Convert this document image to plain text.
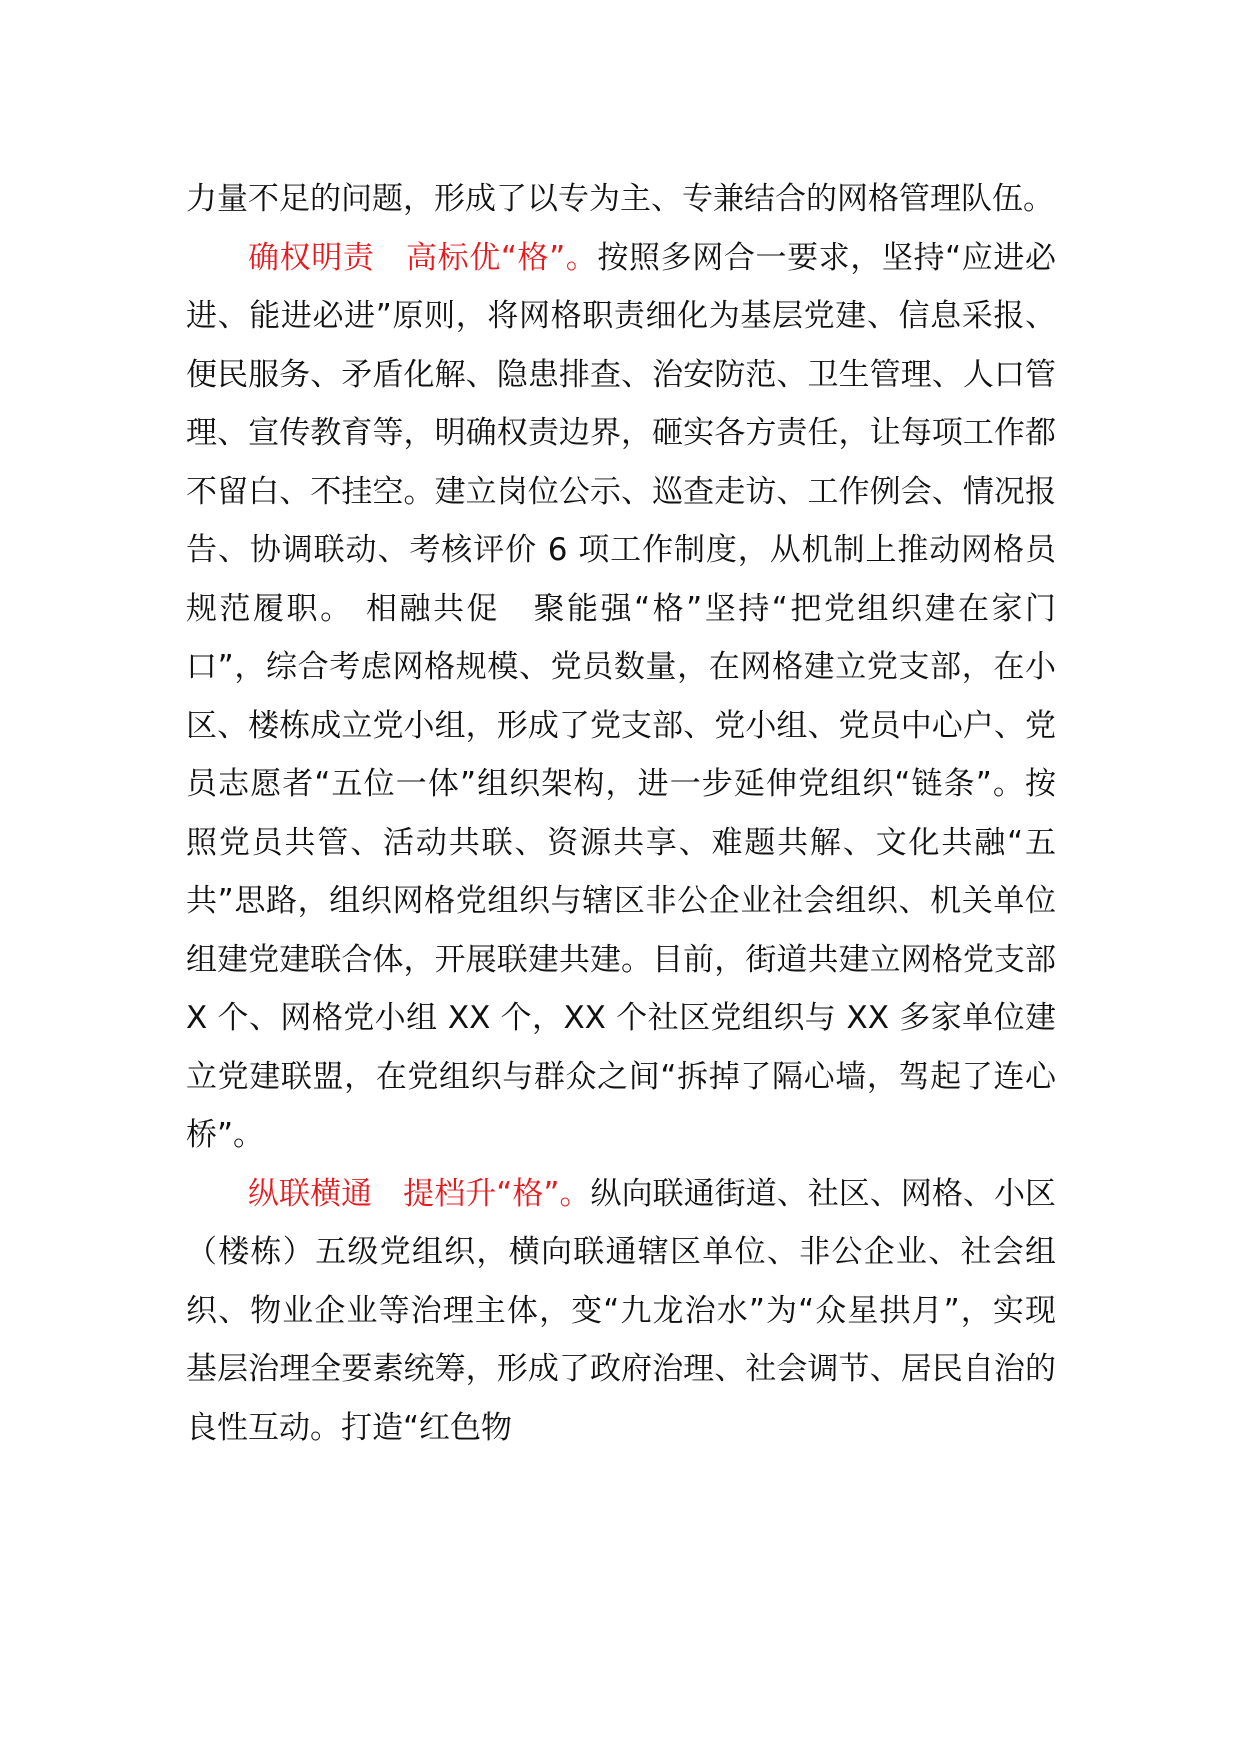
力量不足的问题，形成了以专为主、专兼结合的网格管理队伍。

确权明责　高标优“格”。按照多网合一要求，坚持“应进必进、能进必进”原则，将网格职责细化为基层党建、信息采报、便民服务、矛盾化解、隐患排查、治安防范、卫生管理、人口管理、宣传教育等，明确权责边界，砸实各方责任，让每项工作都不留白、不挂空。建立岗位公示、巡查走访、工作例会、情况报告、协调联动、考核评价 6 项工作制度，从机制上推动网格员规范履职。 相融共促　聚能强“格”坚持“把党组织建在家门口”，综合考虑网格规模、党员数量，在网格建立党支部，在小区、楼栋成立党小组，形成了党支部、党小组、党员中心户、党员志愿者“五位一体”组织架构，进一步延伸党组织“链条”。按照党员共管、活动共联、资源共享、难题共解、文化共融“五共”思路，组织网格党组织与辖区非公企业社会组织、机关单位组建党建联合体，开展联建共建。目前，街道共建立网格党支部 X 个、网格党小组 XX 个，XX 个社区党组织与 XX 多家单位建立党建联盟，在党组织与群众之间“拆掉了隔心墙，驾起了连心桥”。

纵联横通　提档升“格”。纵向联通街道、社区、网格、小区（楼栋）五级党组织，横向联通辖区单位、非公企业、社会组织、物业企业等治理主体，变“九龙治水”为“众星拱月”，实现基层治理全要素统筹，形成了政府治理、社会调节、居民自治的良性互动。打造“红色物
